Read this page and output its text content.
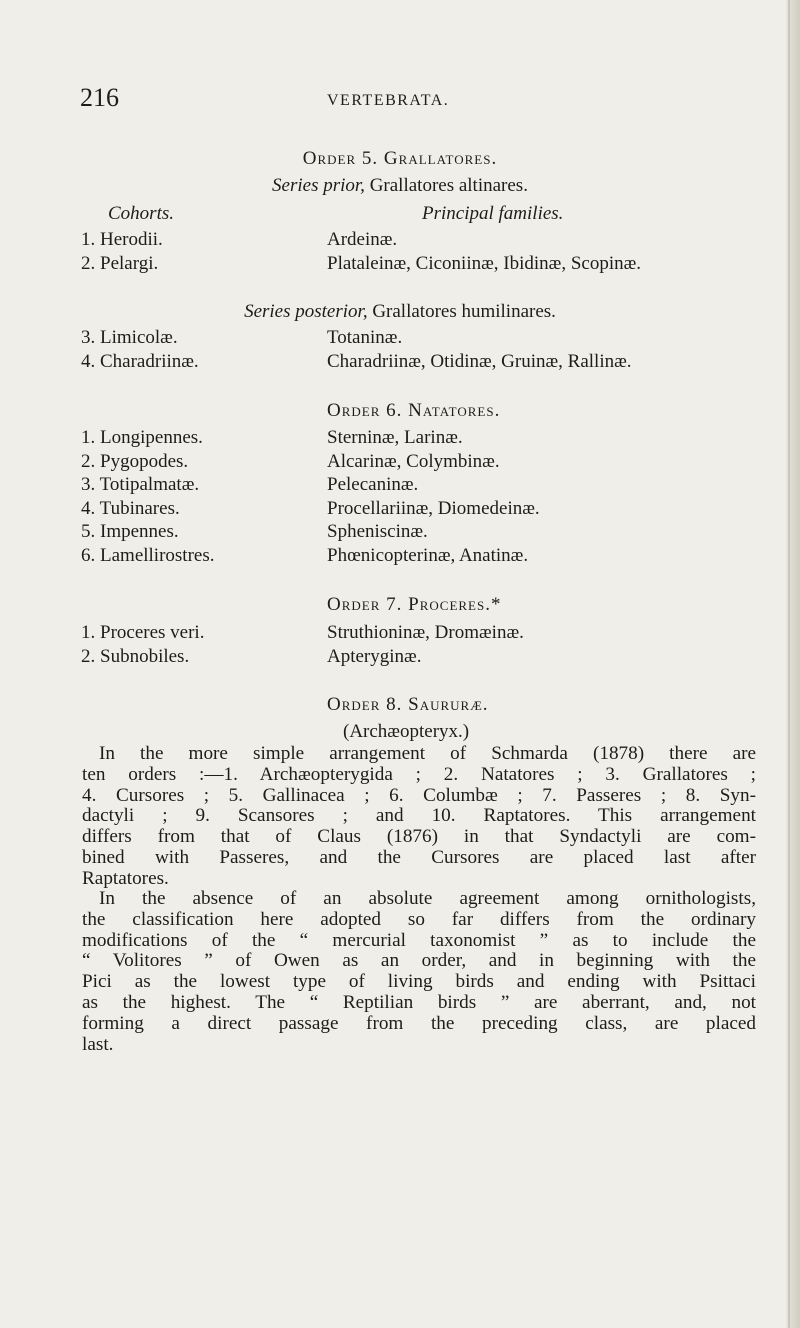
216	VERTEBRATA.
Order 5. Grallatores.
Series prior, Grallatores altinares.
Cohorts.	Principal families.
1. Herodii.	Ardeinæ.
2. Pelargi.	Plataleinæ, Ciconiinæ, Ibidinæ, Scopinæ.
Series posterior, Grallatores humilinares.
3. Limicolæ.	Totaninæ.
4. Charadriinæ.	Charadriinæ, Otidinæ, Gruinæ, Rallinæ.
Order 6. Natatores.
1. Longipennes.	Sterninæ, Larinæ.
2. Pygopodes.	Alcarinæ, Colymbinæ.
3. Totipalmatæ.	Pelecaninæ.
4. Tubinares.	Procellariinæ, Diomedeinæ.
5. Impennes.	Spheniscinæ.
6. Lamellirostres.	Phœnicopterinæ, Anatinæ.
Order 7. Proceres.*
1. Proceres veri.	Struthioninæ, Dromæinæ.
2. Subnobiles.	Apteryginæ.
Order 8. Saururæ.
(Archæopteryx.)
In the more simple arrangement of Schmarda (1878) there are
ten orders :—1. Archæopterygida ; 2. Natatores ; 3. Grallatores ;
4. Cursores ; 5. Gallinacea ; 6. Columbæ ; 7. Passeres ; 8. Syn-
dactyli ; 9. Scansores ; and 10. Raptatores. This arrangement
differs from that of Claus (1876) in that Syndactyli are com-
bined with Passeres, and the Cursores are placed last after
Raptatores.
In the absence of an absolute agreement among ornithologists,
the classification here adopted so far differs from the ordinary
modifications of the “ mercurial taxonomist ” as to include the
“ Volitores ” of Owen as an order, and in beginning with the
Pici as the lowest type of living birds and ending with Psittaci
as the highest. The “ Reptilian birds ” are aberrant, and, not
forming a direct passage from the preceding class, are placed
last.
